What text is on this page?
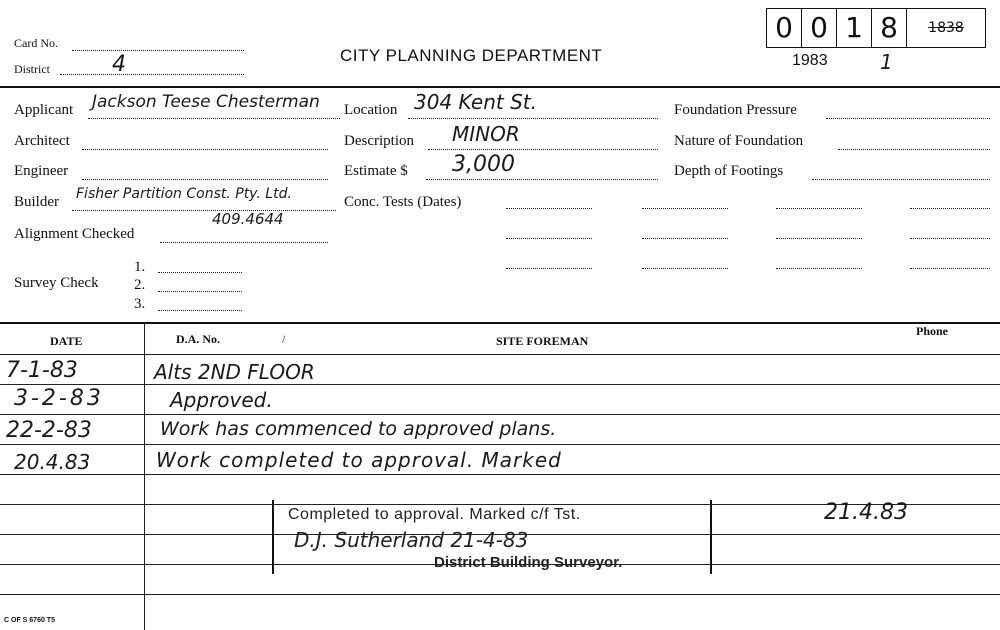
Card No.
District	4	CITY PLANNING DEPARTMENT
0 0 1 8	1838
1983	1
Applicant Jackson Teese Chesterman
Architect
Engineer
Builder Fisher Partition Const. Pty. Ltd.
409.4644
Alignment Checked
Survey Check
1.
2.
3.
Location 304 Kent St.
Description MINOR
Estimate $ 3,000
Conc. Tests (Dates)
Foundation Pressure
Nature of Foundation
Depth of Footings
DATE	D.A. No.	/	SITE FOREMAN
Phone
7-1-83	Alts 2ND FLOOR
3-2-83	Approved.
22-2-83	Work has commenced to approved plans.
20.4.83	Work completed to approval. Marked
Completed to approval. Marked c/f Tst.
D.J. Sutherland 21-4-83
District Building Surveyor.
21.4.83
C OF S 6760 T5
